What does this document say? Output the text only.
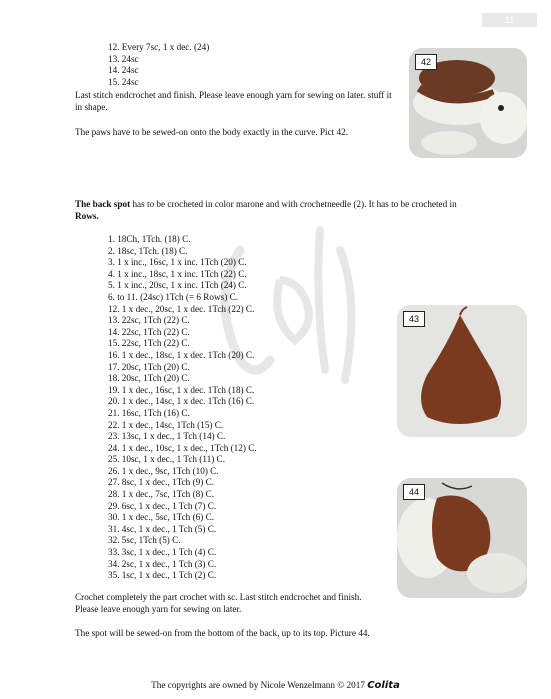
11
12. Every 7sc, 1 x dec. (24)
13. 24sc
14. 24sc
15. 24sc
Last stitch endcrochet and finish. Please leave enough yarn for sewing on later. stuff it in shape.
The paws have to be sewed-on onto the body exactly in the curve. Pict 42.
42
The back spot has to be crocheted in color marone and with crochetneedle (2). It has to be crocheted in Rows.
1. 18Ch, 1Tch. (18) C.
2. 18sc, 1Tch. (18) C.
3. 1 x inc., 16sc, 1 x inc. 1Tch (20) C.
4. 1 x inc., 18sc, 1 x inc. 1Tch (22) C.
5. 1 x inc., 20sc, 1 x inc. 1Tch (24) C.
6. to 11. (24sc) 1Tch (= 6 Rows) C.
12. 1 x dec., 20sc, 1 x dec. 1Tch (22) C.
13. 22sc, 1Tch (22) C.
14. 22sc, 1Tch (22) C.
15. 22sc, 1Tch (22) C.
16. 1 x dec., 18sc, 1 x dec. 1Tch (20) C.
17. 20sc, 1Tch (20) C.
18. 20sc, 1Tch (20) C.
19. 1 x dec., 16sc, 1 x dec. 1Tch (18) C.
20. 1 x dec., 14sc, 1 x dec. 1Tch (16) C.
21. 16sc, 1Tch (16) C.
22. 1 x dec., 14sc, 1Tch (15) C.
23. 13sc, 1 x dec., 1 Tch (14) C.
24. 1 x dec., 10sc, 1 x dec., 1Tch (12) C.
25. 10sc, 1 x dec., 1 Tch (11) C.
26. 1 x dec., 9sc, 1Tch (10) C.
27. 8sc, 1 x dec., 1Tch (9) C.
28. 1 x dec., 7sc, 1Tch (8) C.
29. 6sc, 1 x dec., 1 Tch (7) C.
30. 1 x dec., 5sc, 1Tch (6) C.
31. 4sc, 1 x dec., 1 Tch (5) C.
32. 5sc, 1Tch (5) C.
33. 3sc, 1 x dec., 1 Tch (4) C.
34. 2sc, 1 x dec., 1 Tch (3) C.
35. 1sc, 1 x dec., 1 Tch (2) C.
43
44
Crochet completely the part crochet with sc. Last stitch endcrochet and finish. Please leave enough yarn for sewing on later.
The spot will be sewed-on from the bottom of the back, up to its top. Picture 44.
The copyrights are owned by Nicole Wenzelmann © 2017 Colita
